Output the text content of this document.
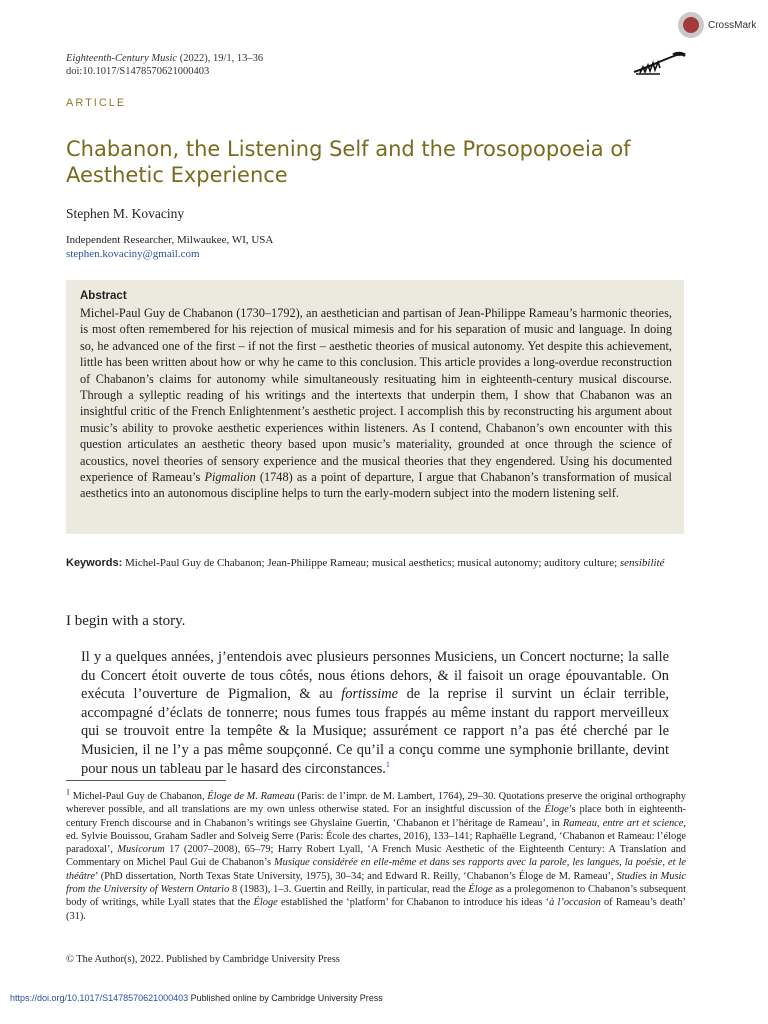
Eighteenth-Century Music (2022), 19/1, 13–36
doi:10.1017/S1478570621000403
CrossMark
ARTICLE
Chabanon, the Listening Self and the Prosopopoeia of Aesthetic Experience
Stephen M. Kovaciny
Independent Researcher, Milwaukee, WI, USA
stephen.kovaciny@gmail.com
Abstract
Michel-Paul Guy de Chabanon (1730–1792), an aesthetician and partisan of Jean-Philippe Rameau’s harmonic theories, is most often remembered for his rejection of musical mimesis and for his separation of music and language. In doing so, he advanced one of the first – if not the first – aesthetic theories of musical autonomy. Yet despite this achievement, little has been written about how or why he came to this conclusion. This article provides a long-overdue reconstruction of Chabanon’s claims for autonomy while simultaneously resituating him in eighteenth-century musical discourse. Through a sylleptic reading of his writings and the intertexts that underpin them, I show that Chabanon was an insightful critic of the French Enlightenment’s aesthetic project. I accomplish this by reconstructing his argument about music’s ability to provoke aesthetic experiences within listeners. As I contend, Chabanon’s own encounter with this question articulates an aesthetic theory based upon music’s materiality, grounded at once through the science of acoustics, novel theories of sensory experience and the musical theories that they engendered. Using his documented experience of Rameau’s Pigmalion (1748) as a point of departure, I argue that Chabanon’s transformation of musical aesthetics into an autonomous discipline helps to turn the early-modern subject into the modern listening self.
Keywords: Michel-Paul Guy de Chabanon; Jean-Philippe Rameau; musical aesthetics; musical autonomy; auditory culture; sensibilité
I begin with a story.
Il y a quelques années, j’entendois avec plusieurs personnes Musiciens, un Concert nocturne; la salle du Concert étoit ouverte de tous côtés, nous étions dehors, & il faisoit un orage épouvantable. On exécuta l’ouverture de Pigmalion, & au fortissime de la reprise il survint un éclair terrible, accompagné d’éclats de tonnerre; nous fumes tous frappés au même instant du rapport merveilleux qui se trouvoit entre la tempête & la Musique; assurément ce rapport n’a pas été cherché par le Musicien, il ne l’y a pas même soupçonné. Ce qu’il a conçu comme une symphonie brillante, devint pour nous un tableau par le hasard des circonstances.$^1$
$^1$ Michel-Paul Guy de Chabanon, Éloge de M. Rameau (Paris: de l’impr. de M. Lambert, 1764), 29–30. Quotations preserve the original orthography wherever possible, and all translations are my own unless otherwise stated. For an insightful discussion of the Éloge’s place both in eighteenth-century French discourse and in Chabanon’s writings see Ghyslaine Guertin, ‘Chabanon et l’héritage de Rameau’, in Rameau, entre art et science, ed. Sylvie Bouissou, Graham Sadler and Solveig Serre (Paris: École des chartes, 2016), 133–141; Raphaëlle Legrand, ‘Chabanon et Rameau: l’éloge paradoxal’, Musicorum 17 (2007–2008), 65–79; Harry Robert Lyall, ‘A French Music Aesthetic of the Eighteenth Century: A Translation and Commentary on Michel Paul Gui de Chabanon’s Musique considérée en elle-même et dans ses rapports avec la parole, les langues, la poésie, et le théâtre’ (PhD dissertation, North Texas State University, 1975), 30–34; and Edward R. Reilly, ‘Chabanon’s Éloge de M. Rameau’, Studies in Music from the University of Western Ontario 8 (1983), 1–3. Guertin and Reilly, in particular, read the Éloge as a prolegomenon to Chabanon’s subsequent body of writings, while Lyall states that the Éloge established the ‘platform’ for Chabanon to introduce his ideas ‘à l’occasion of Rameau’s death’ (31).
© The Author(s), 2022. Published by Cambridge University Press
https://doi.org/10.1017/S1478570621000403 Published online by Cambridge University Press
